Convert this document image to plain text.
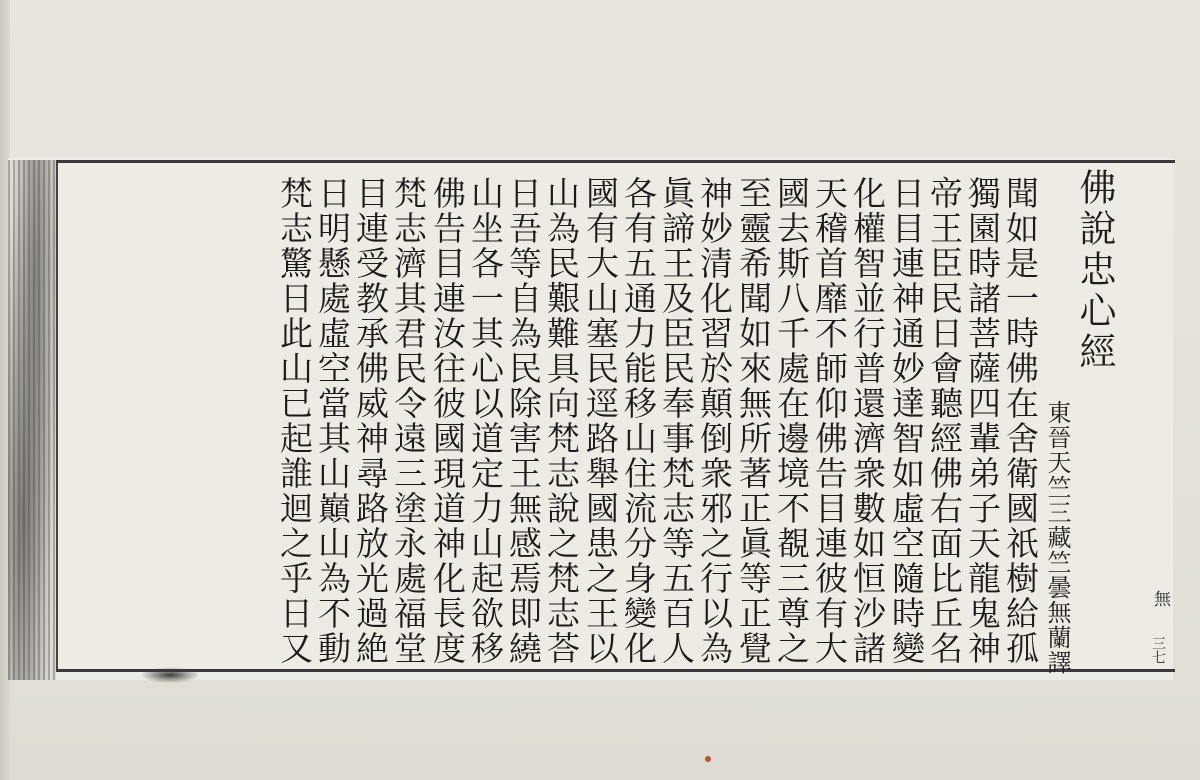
佛說忠心經
東晉天竺三藏竺曇無蘭譯
聞如是一時佛在舍衛國祇樹給孤
獨園時諸菩薩四輩弟子天龍鬼神
帝王臣民日會聽經佛右面比丘名
日目連神通妙達智如虛空隨時變
化權智並行普還濟衆數如恒沙諸
天稽首靡不師仰佛告目連彼有大
國去斯八千處在邊境不覩三尊之
至靈希聞如來無所著正眞等正覺
神妙清化習於顛倒衆邪之行以為
眞諦王及臣民奉事梵志等五百人
各有五通力能移山住流分身變化
國有大山塞民逕路舉國患之王以
山為民艱難具向梵志說之梵志荅
日吾等自為民除害王無感焉即繞
山坐各一其心以道定力山起欲移
佛告目連汝往彼國現道神化長度
梵志濟其君民令遠三塗永處福堂
目連受教承佛威神尋路放光過絶
日明懸處虛空當其山巔山為不動
梵志驚日此山已起誰迴之乎日又	無
三七
